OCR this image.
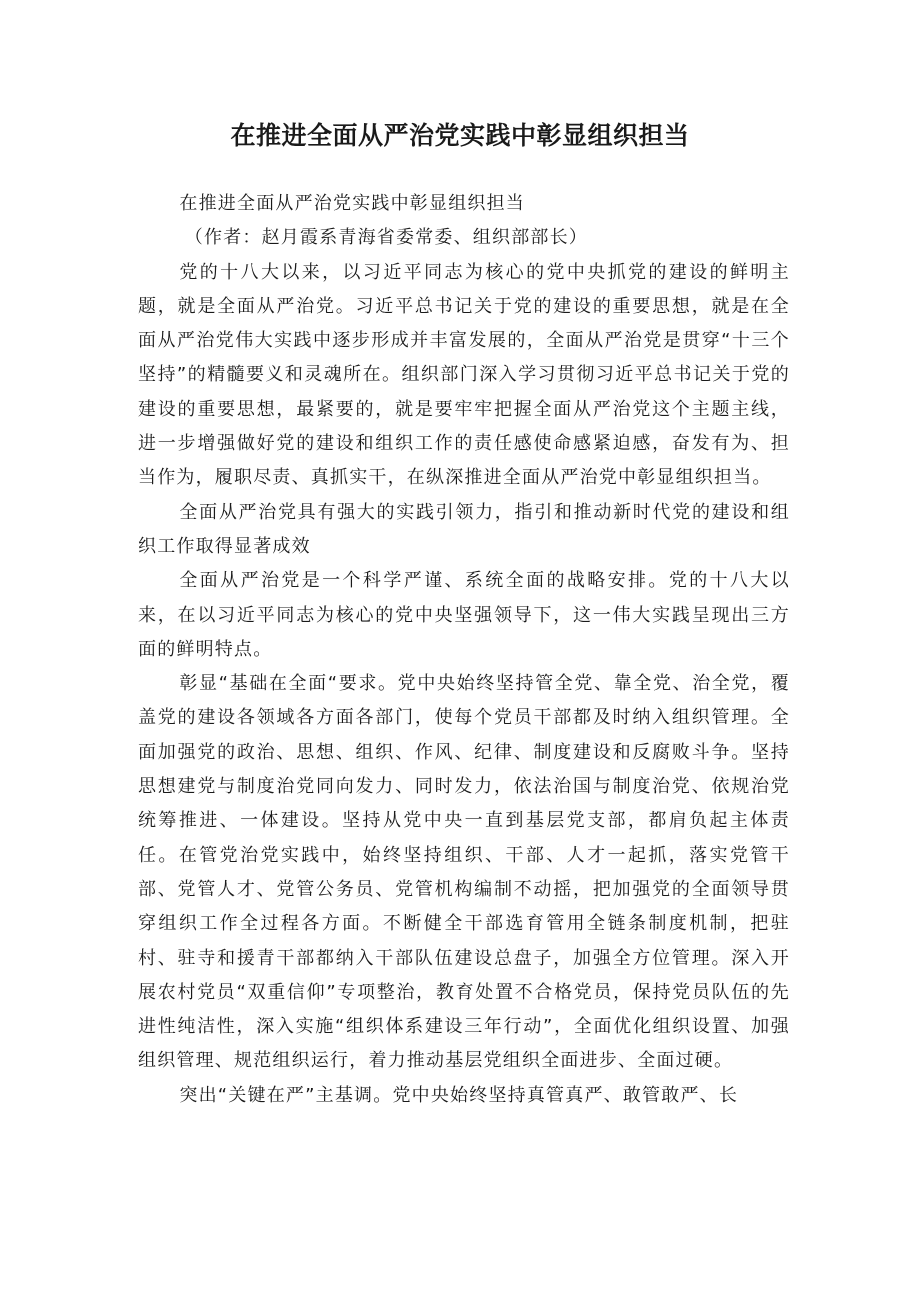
在推进全面从严治党实践中彰显组织担当

在推进全面从严治党实践中彰显组织担当

（作者：赵月霞系青海省委常委、组织部部长）

党的十八大以来，以习近平同志为核心的党中央抓党的建设的鲜明主题，就是全面从严治党。习近平总书记关于党的建设的重要思想，就是在全面从严治党伟大实践中逐步形成并丰富发展的，全面从严治党是贯穿“十三个坚持”的精髓要义和灵魂所在。组织部门深入学习贯彻习近平总书记关于党的建设的重要思想，最紧要的，就是要牢牢把握全面从严治党这个主题主线，进一步增强做好党的建设和组织工作的责任感使命感紧迫感，奋发有为、担当作为，履职尽责、真抓实干，在纵深推进全面从严治党中彰显组织担当。

全面从严治党具有强大的实践引领力，指引和推动新时代党的建设和组织工作取得显著成效

全面从严治党是一个科学严谨、系统全面的战略安排。党的十八大以来，在以习近平同志为核心的党中央坚强领导下，这一伟大实践呈现出三方面的鲜明特点。

彰显“基础在全面“要求。党中央始终坚持管全党、靠全党、治全党，覆盖党的建设各领域各方面各部门，使每个党员干部都及时纳入组织管理。全面加强党的政治、思想、组织、作风、纪律、制度建设和反腐败斗争。坚持思想建党与制度治党同向发力、同时发力，依法治国与制度治党、依规治党统筹推进、一体建设。坚持从党中央一直到基层党支部，都肩负起主体责任。在管党治党实践中，始终坚持组织、干部、人才一起抓，落实党管干部、党管人才、党管公务员、党管机构编制不动摇，把加强党的全面领导贯穿组织工作全过程各方面。不断健全干部选育管用全链条制度机制，把驻村、驻寺和援青干部都纳入干部队伍建设总盘子，加强全方位管理。深入开展农村党员“双重信仰”专项整治，教育处置不合格党员，保持党员队伍的先进性纯洁性，深入实施“组织体系建设三年行动”，全面优化组织设置、加强组织管理、规范组织运行，着力推动基层党组织全面进步、全面过硬。

突出“关键在严”主基调。党中央始终坚持真管真严、敢管敢严、长
